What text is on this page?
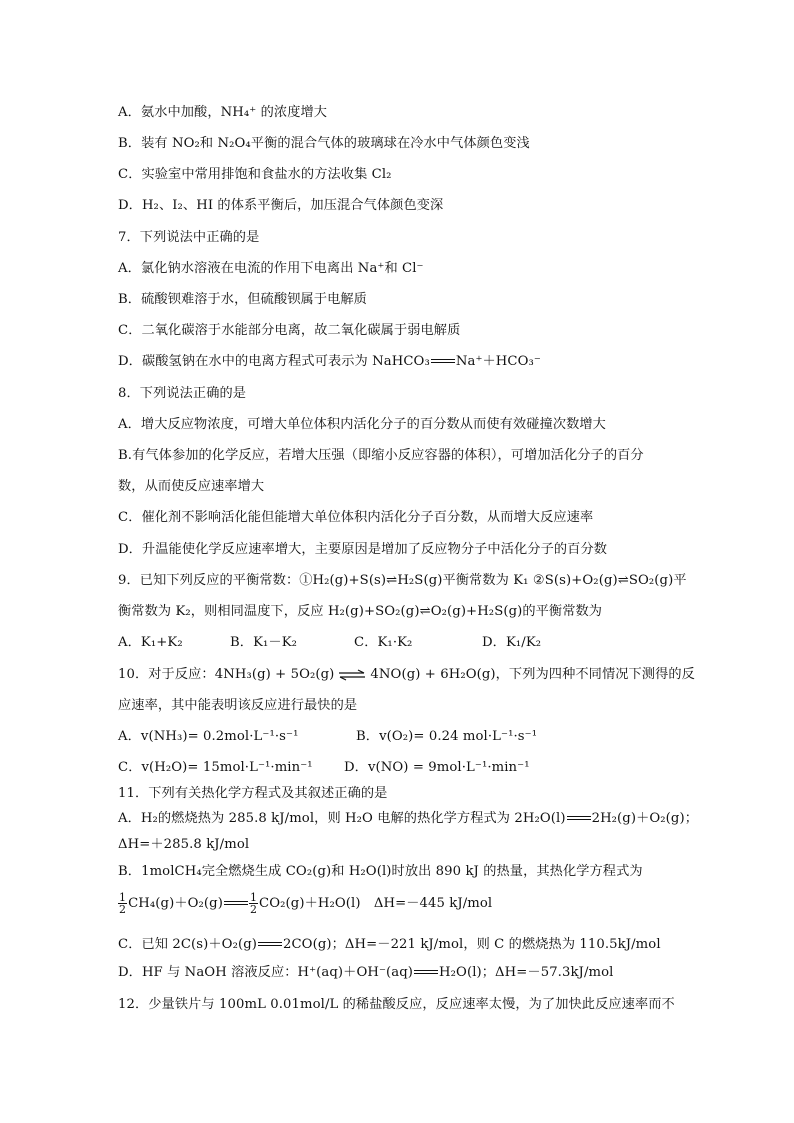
A．氨水中加酸，NH₄⁺ 的浓度增大
B．装有 NO₂和 N₂O₄平衡的混合气体的玻璃球在冷水中气体颜色变浅
C．实验室中常用排饱和食盐水的方法收集 Cl₂
D．H₂、I₂、HI 的体系平衡后，加压混合气体颜色变深
7．下列说法中正确的是
A．氯化钠水溶液在电流的作用下电离出 Na⁺和 Cl⁻
B．硫酸钡难溶于水，但硫酸钡属于电解质
C．二氧化碳溶于水能部分电离，故二氧化碳属于弱电解质
D．碳酸氢钠在水中的电离方程式可表示为 NaHCO₃ Na⁺＋HCO₃⁻
8．下列说法正确的是
A．增大反应物浓度，可增大单位体积内活化分子的百分数从而使有效碰撞次数增大
B.有气体参加的化学反应，若增大压强（即缩小反应容器的体积），可增加活化分子的百分
数，从而使反应速率增大
C．催化剂不影响活化能但能增大单位体积内活化分子百分数，从而增大反应速率
D．升温能使化学反应速率增大，主要原因是增加了反应物分子中活化分子的百分数
9．已知下列反应的平衡常数：①H₂(g)+S(s)⇌H₂S(g)平衡常数为 K₁ ②S(s)+O₂(g)⇌SO₂(g)平
衡常数为 K₂，则相同温度下，反应 H₂(g)+SO₂(g)⇌O₂(g)+H₂S(g)的平衡常数为
A．K₁+K₂	B．K₁－K₂	C．K₁·K₂	D．K₁/K₂
10．对于反应：4NH₃(g) + 5O₂(g) ⇌ 4NO(g) + 6H₂O(g)，下列为四种不同情况下测得的反
应速率，其中能表明该反应进行最快的是
A．v(NH₃)= 0.2mol·L⁻¹·s⁻¹	B．v(O₂)= 0.24 mol·L⁻¹·s⁻¹
C．v(H₂O)= 15mol·L⁻¹·min⁻¹ D．v(NO) = 9mol·L⁻¹·min⁻¹
11．下列有关热化学方程式及其叙述正确的是
A．H₂的燃烧热为 285.8 kJ/mol，则 H₂O 电解的热化学方程式为 2H₂O(l) 2H₂(g)＋O₂(g)；
ΔH=＋285.8 kJ/mol
B．1molCH₄完全燃烧生成 CO₂(g)和 H₂O(l)时放出 890 kJ 的热量，其热化学方程式为
$\frac{1}{2} CH_4(g)+O_2(g) \frac{1}{2} CO_2(g)+H_2O(l)$　ΔH=－445 kJ/mol
C．已知 2C(s)＋O₂(g) 2CO(g)；ΔH=－221 kJ/mol，则 C 的燃烧热为 110.5kJ/mol
D．HF 与 NaOH 溶液反应：H⁺(aq)＋OH⁻(aq) H₂O(l)；ΔH=－57.3kJ/mol
12．少量铁片与 100mL 0.01mol/L 的稀盐酸反应，反应速率太慢，为了加快此反应速率而不
